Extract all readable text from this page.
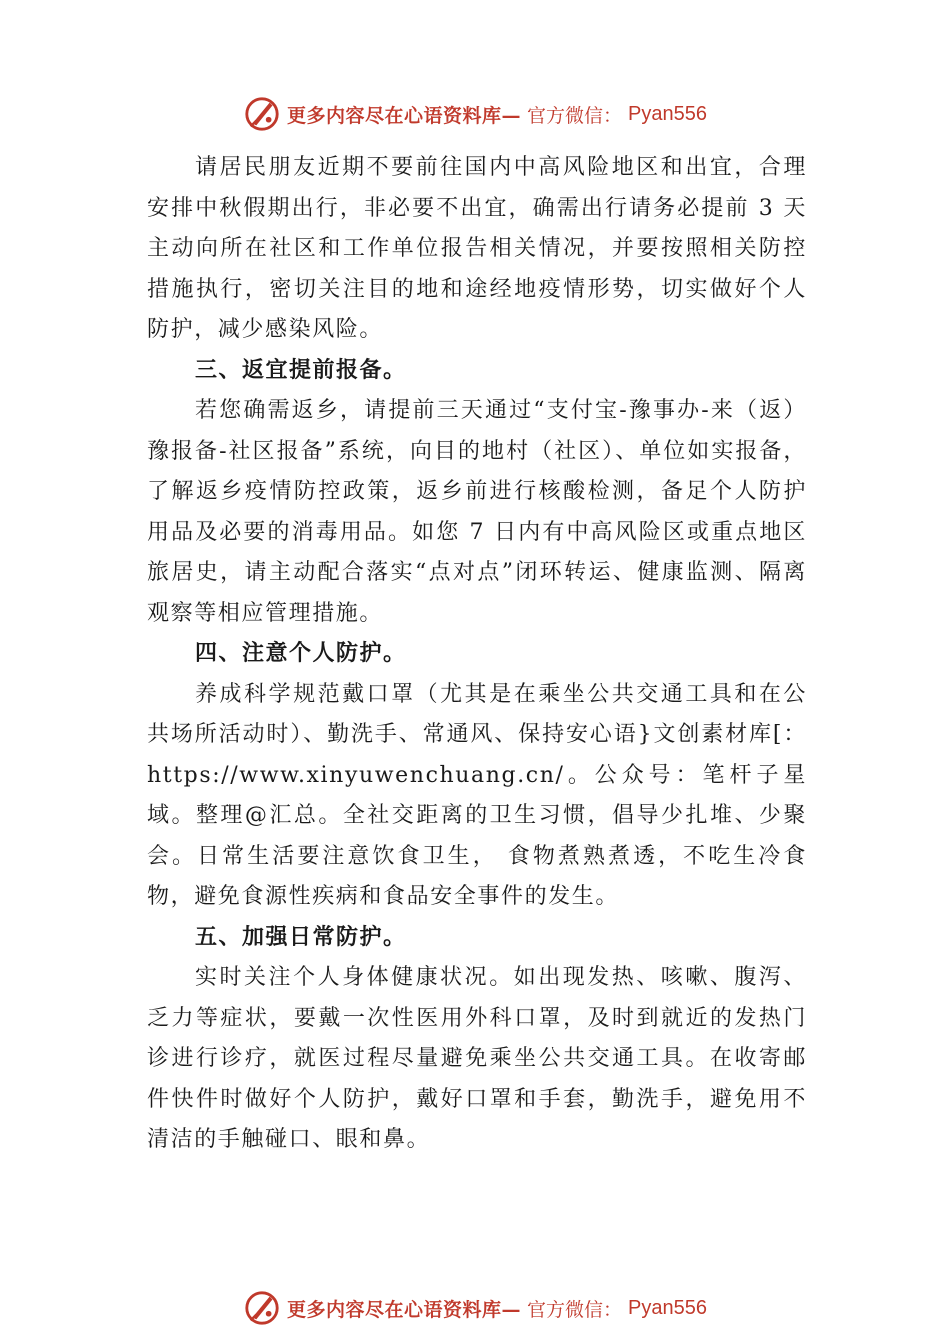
更多内容尽在心语资料库— 官方微信： Pyan556

请居民朋友近期不要前往国内中高风险地区和出宜，合理安排中秋假期出行，非必要不出宜，确需出行请务必提前 3 天主动向所在社区和工作单位报告相关情况，并要按照相关防控措施执行，密切关注目的地和途经地疫情形势，切实做好个人防护，减少感染风险。

三、返宜提前报备。

若您确需返乡，请提前三天通过“支付宝-豫事办-来（返） 豫报备-社区报备”系统，向目的地村（社区）、单位如实报备，了解返乡疫情防控政策，返乡前进行核酸检测，备足个人防护用品及必要的消毒用品。如您 7 日内有中高风险区或重点地区旅居史，请主动配合落实“点对点”闭环转运、健康监测、隔离观察等相应管理措施。

四、注意个人防护。

养成科学规范戴口罩（尤其是在乘坐公共交通工具和在公共场所活动时）、勤洗手、常通风、保持安心语}文创素材库[：https://www.xinyuwenchuang.cn/。公众号：笔杆子星域。整理@汇总。全社交距离的卫生习惯，倡导少扎堆、少聚会。日常生活要注意饮食卫生， 食物煮熟煮透，不吃生冷食物，避免食源性疾病和食品安全事件的发生。

五、加强日常防护。

实时关注个人身体健康状况。如出现发热、咳嗽、腹泻、乏力等症状，要戴一次性医用外科口罩，及时到就近的发热门诊进行诊疗，就医过程尽量避免乘坐公共交通工具。在收寄邮件快件时做好个人防护，戴好口罩和手套，勤洗手，避免用不清洁的手触碰口、眼和鼻。

更多内容尽在心语资料库— 官方微信： Pyan556
